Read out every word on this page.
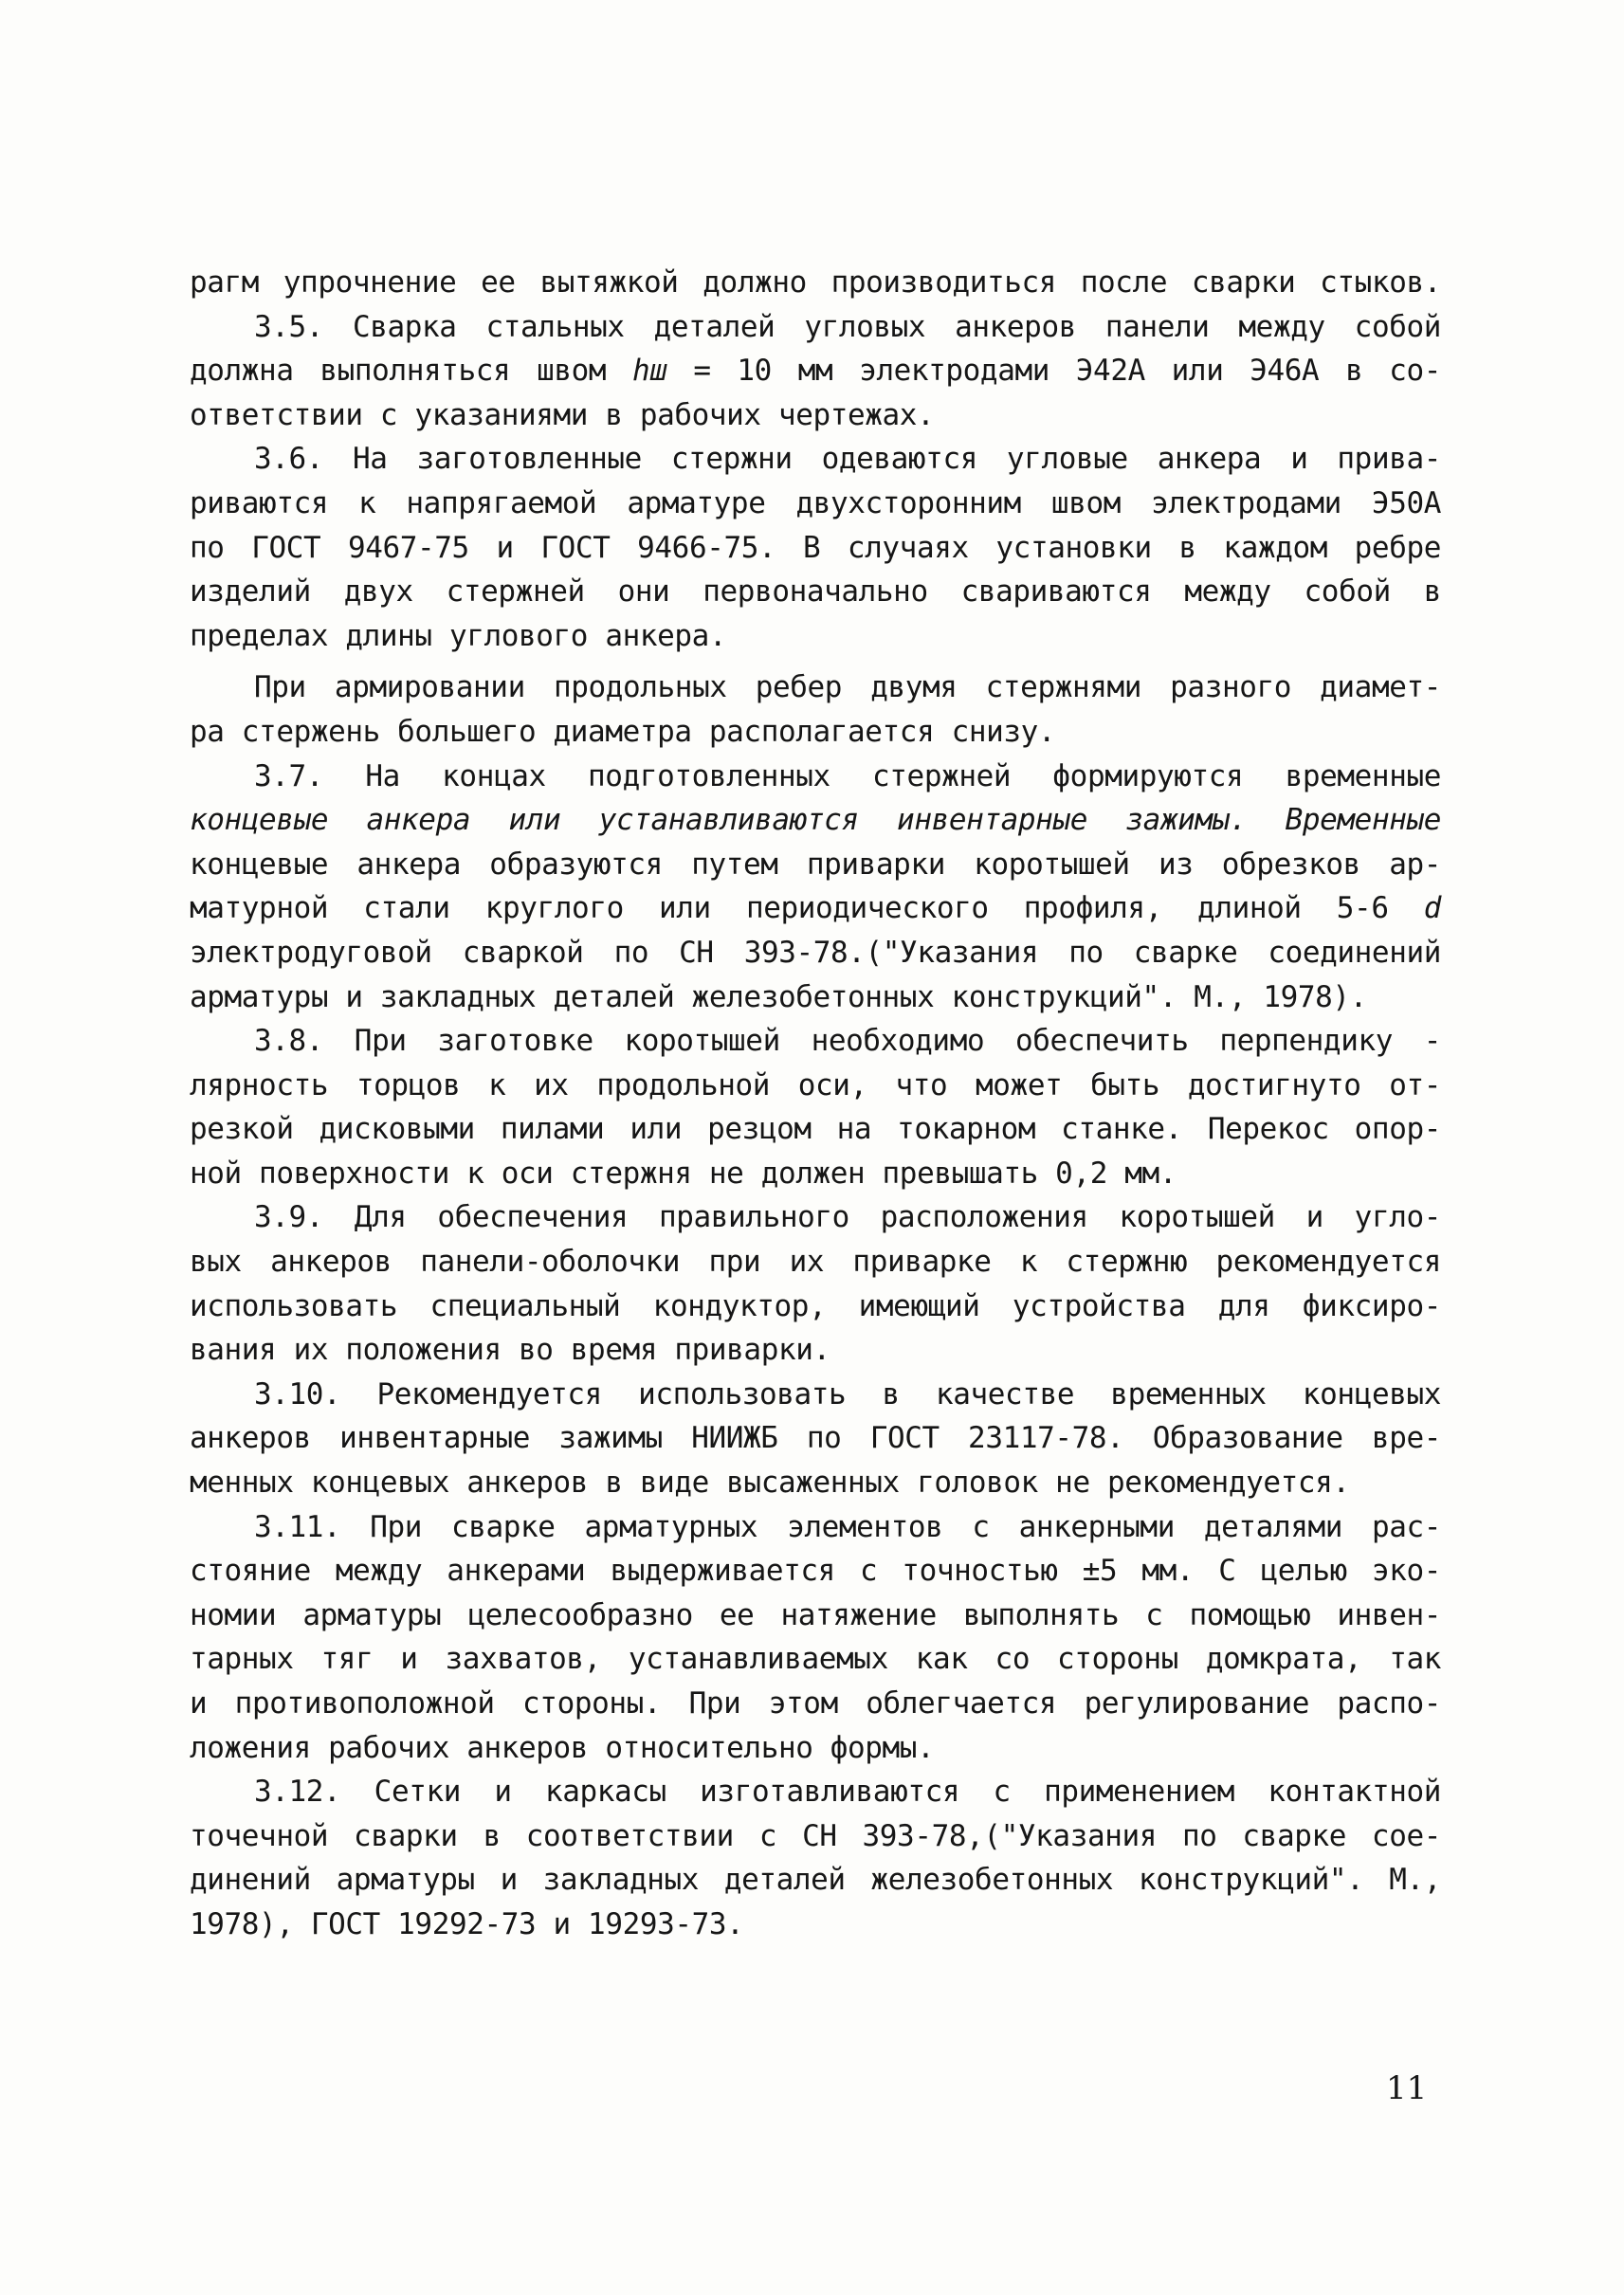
рагм упрочнение ее вытяжкой должно производиться после сварки стыков.
3.5. Сварка стальных деталей угловых анкеров панели между собой
должна выполняться швом hш = 10 мм электродами Э42А или Э46А в со-
ответствии с указаниями в рабочих чертежах.
3.6. На заготовленные стержни одеваются угловые анкера и прива-
риваются к напрягаемой арматуре двухсторонним швом электродами Э50А
по ГОСТ 9467-75 и ГОСТ 9466-75. В случаях установки в каждом ребре
изделий двух стержней они первоначально свариваются между собой в
пределах длины углового анкера.
При армировании продольных ребер двумя стержнями разного диамет-
ра стержень большего диаметра располагается снизу.
3.7. На концах подготовленных стержней формируются временные
концевые анкера или устанавливаются инвентарные зажимы. Временные
концевые анкера образуются путем приварки коротышей из обрезков ар-
матурной стали круглого или периодического профиля, длиной 5-6 d
электродуговой сваркой по СН 393-78.("Указания по сварке соединений
арматуры и закладных деталей железобетонных конструкций". М., 1978).
3.8. При заготовке коротышей необходимо обеспечить перпендику -
лярность торцов к их продольной оси, что может быть достигнуто от-
резкой дисковыми пилами или резцом на токарном станке. Перекос опор-
ной поверхности к оси стержня не должен превышать 0,2 мм.
3.9. Для обеспечения правильного расположения коротышей и угло-
вых анкеров панели-оболочки при их приварке к стержню рекомендуется
использовать специальный кондуктор, имеющий устройства для фиксиро-
вания их положения во время приварки.
3.10. Рекомендуется использовать в качестве временных концевых
анкеров инвентарные зажимы НИИЖБ по ГОСТ 23117-78. Образование вре-
менных концевых анкеров в виде высаженных головок не рекомендуется.
3.11. При сварке арматурных элементов с анкерными деталями рас-
стояние между анкерами выдерживается с точностью ±5 мм. С целью эко-
номии арматуры целесообразно ее натяжение выполнять с помощью инвен-
тарных тяг и захватов, устанавливаемых как со стороны домкрата, так
и противоположной стороны. При этом облегчается регулирование распо-
ложения рабочих анкеров относительно формы.
3.12. Сетки и каркасы изготавливаются с применением контактной
точечной сварки в соответствии с СН 393-78,("Указания по сварке сое-
динений арматуры и закладных деталей железобетонных конструкций". М.,
1978), ГОСТ 19292-73 и 19293-73.
11
